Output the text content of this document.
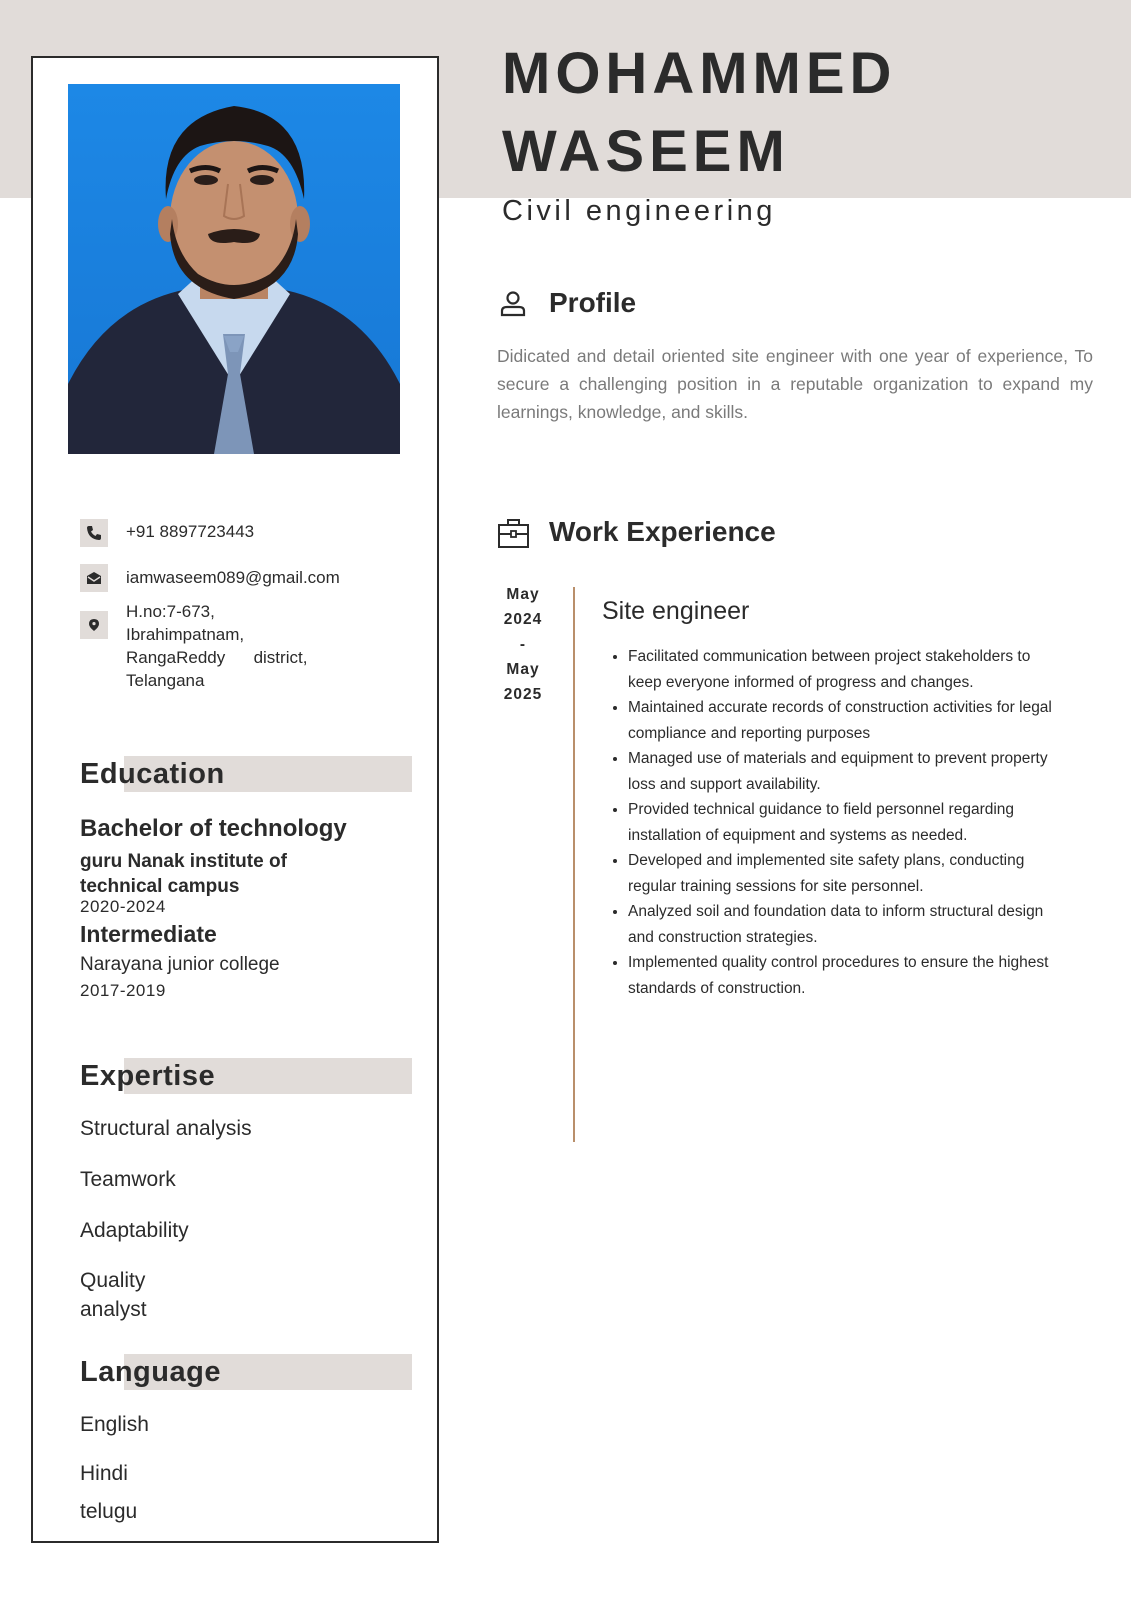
+91 8897723443
iamwaseem089@gmail.com
H.no:7-673,
Ibrahimpatnam,
RangaReddy      district,
Telangana
Education
Bachelor of technology
guru Nanak institute of
technical campus
2020-2024
Intermediate
Narayana junior college
2017-2019
Expertise
Structural analysis
Teamwork
Adaptability
Quality
analyst
Language
English
Hindi
telugu
MOHAMMED
WASEEM
Civil engineering
Profile
Didicated and detail oriented site engineer with one year of experience, To secure a challenging position in a reputable organization to expand my learnings, knowledge, and skills.
Work Experience
May
2024
-
May
2025
Site engineer
• Facilitated communication between project stakeholders to keep everyone informed of progress and changes.
• Maintained accurate records of construction activities for legal compliance and reporting purposes
• Managed use of materials and equipment to prevent property loss and support availability.
• Provided technical guidance to field personnel regarding installation of equipment and systems as needed.
• Developed and implemented site safety plans, conducting regular training sessions for site personnel.
• Analyzed soil and foundation data to inform structural design and construction strategies.
• Implemented quality control procedures to ensure the highest standards of construction.
